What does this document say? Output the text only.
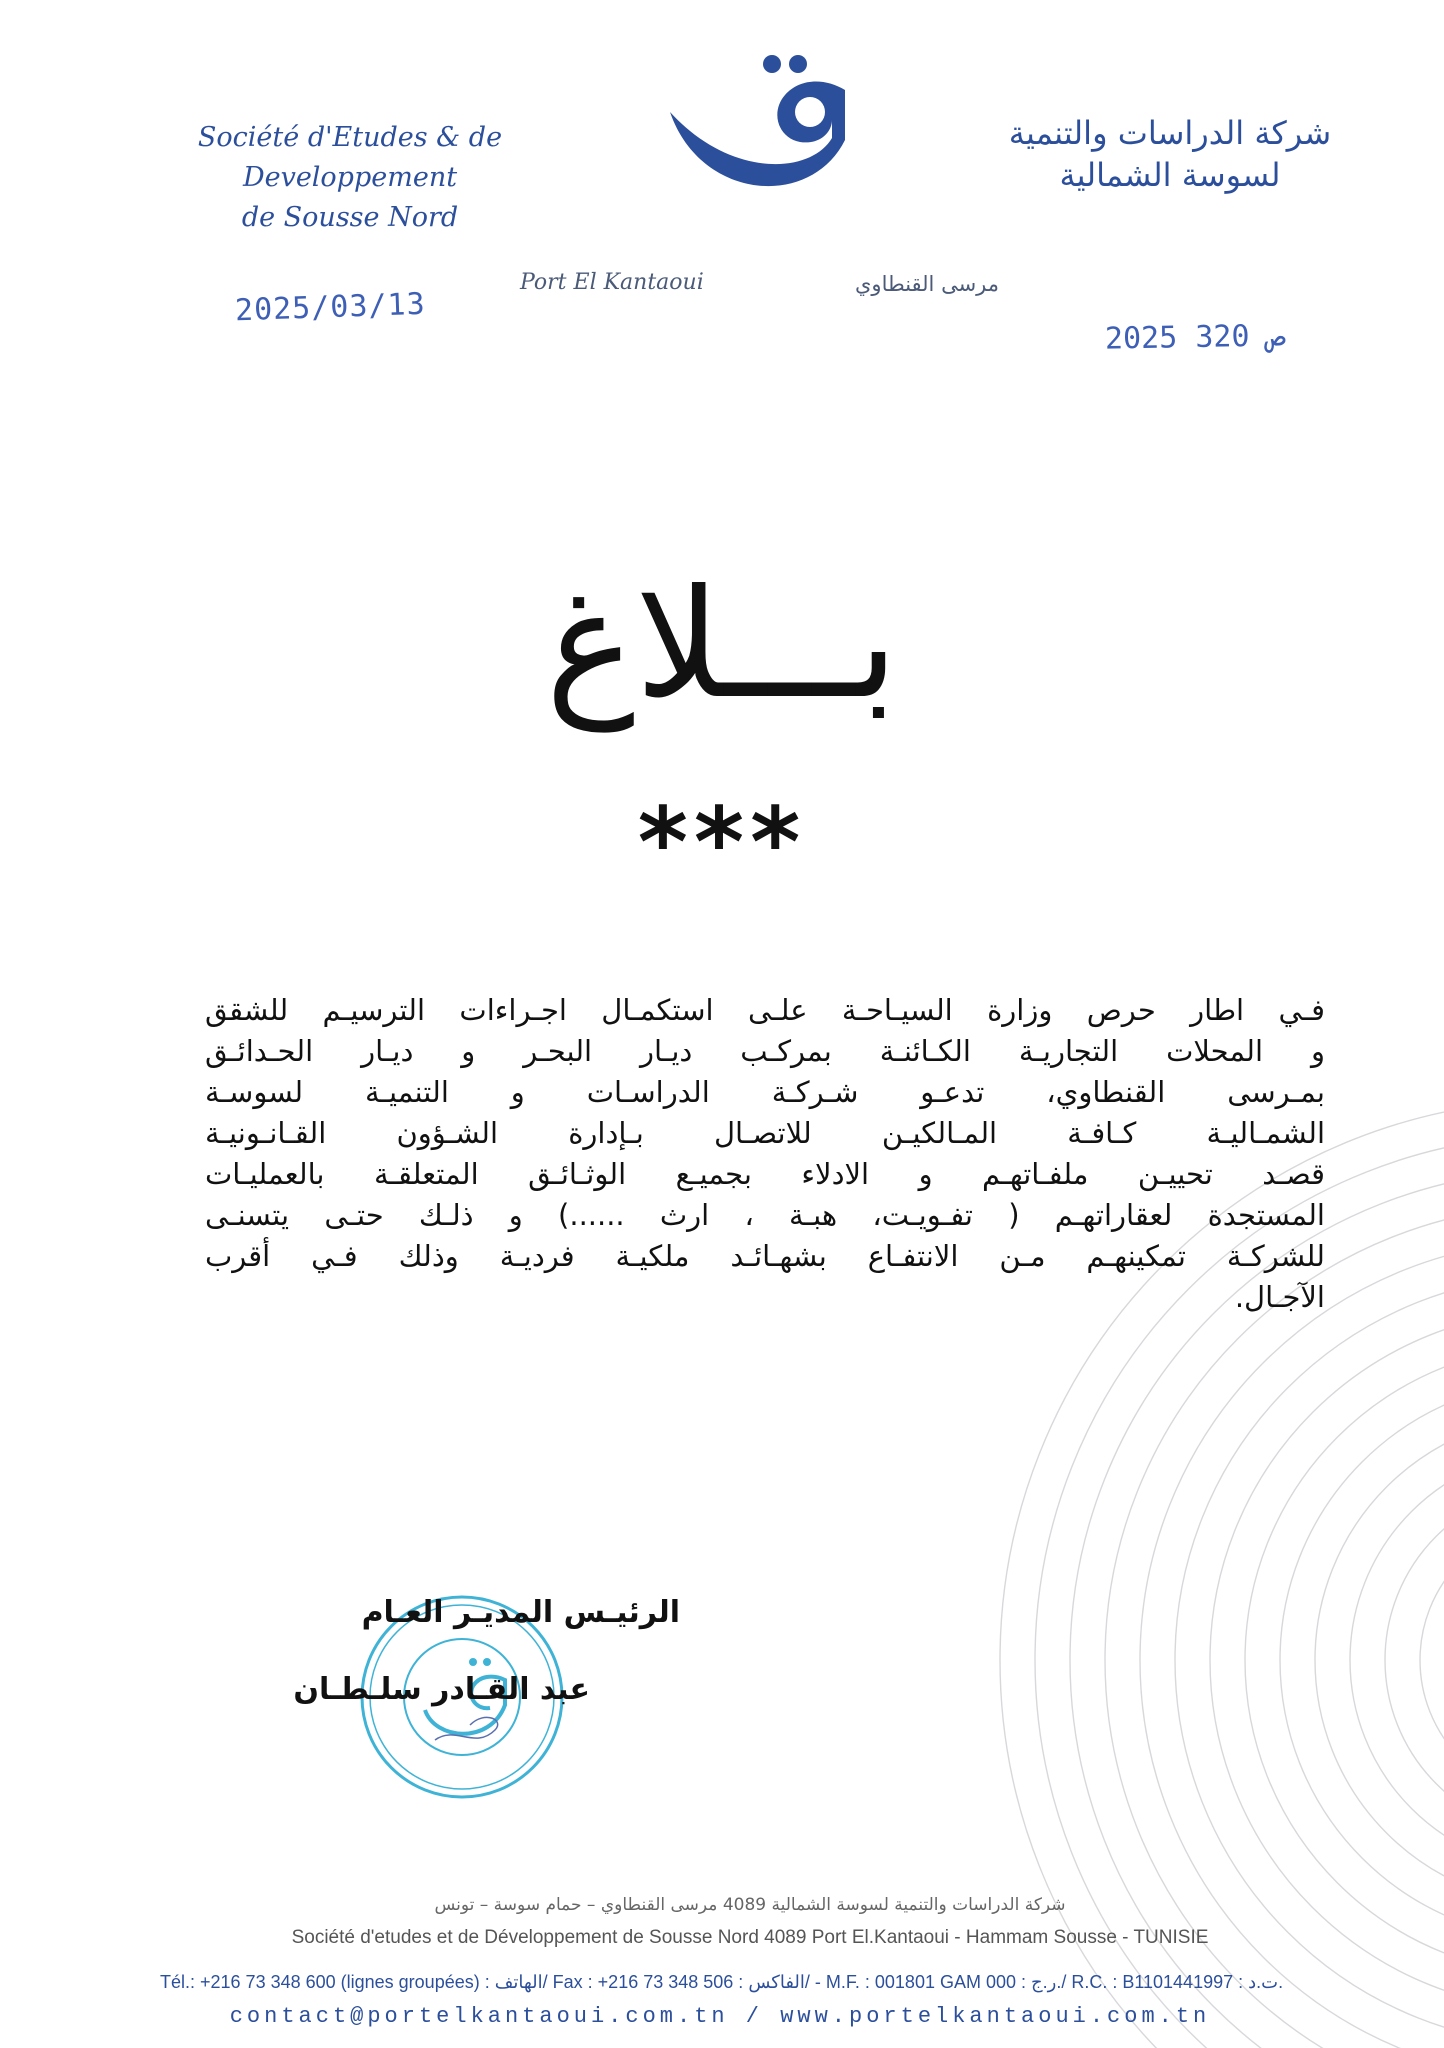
Société d'Etudes & de Developpement
de Sousse Nord
شركة الدراسات والتنمية
لسوسة الشمالية
Port El Kantaoui	مرسى القنطاوي
2025/03/13
2025 ص 320
بـــلاغ
***
فـي اطار حرص وزارة السيـاحـة علـى استكمـال اجـراءات الترسيـم للشقق
و المحلات التجاريـة الكـائنـة بمركـب ديـار البحـر و ديـار الحـدائـق
بمـرسى القنطاوي، تدعـو شـركـة الدراسـات و التنميـة لسوسـة
الشمـاليـة كـافـة المـالكيـن للاتصـال بـإدارة الشـؤون القـانـونيـة
قصـد تحييـن ملفـاتهـم و الادلاء بجميـع الوثـائـق المتعلقـة بالعمليـات
المستجدة لعقاراتهـم ( تفـويـت، هبـة ، ارث ......) و ذلـك حتـى يتسنـى
للشركـة تمكينهـم مـن الانتفـاع بشهـائـد ملكيـة فرديـة وذلك فـي أقرب
الآجـال.
الرئيـس المديـر العـام
عبد القـادر سلـطـان
شركة الدراسات والتنمية لسوسة الشمالية 4089 مرسى القنطاوي – حمام سوسة – تونس
Société d'etudes et de Développement de Sousse Nord 4089 Port El.Kantaoui - Hammam Sousse - TUNISIE
Tél.: +216 73 348 600 (lignes groupées) : الهاتف/ Fax : +216 73 348 506 : الفاكس/ - M.F. : 001801 GAM 000 : ر.ج./ R.C. : B1101441997 : ت.د.
contact@portelkantaoui.com.tn / www.portelkantaoui.com.tn
